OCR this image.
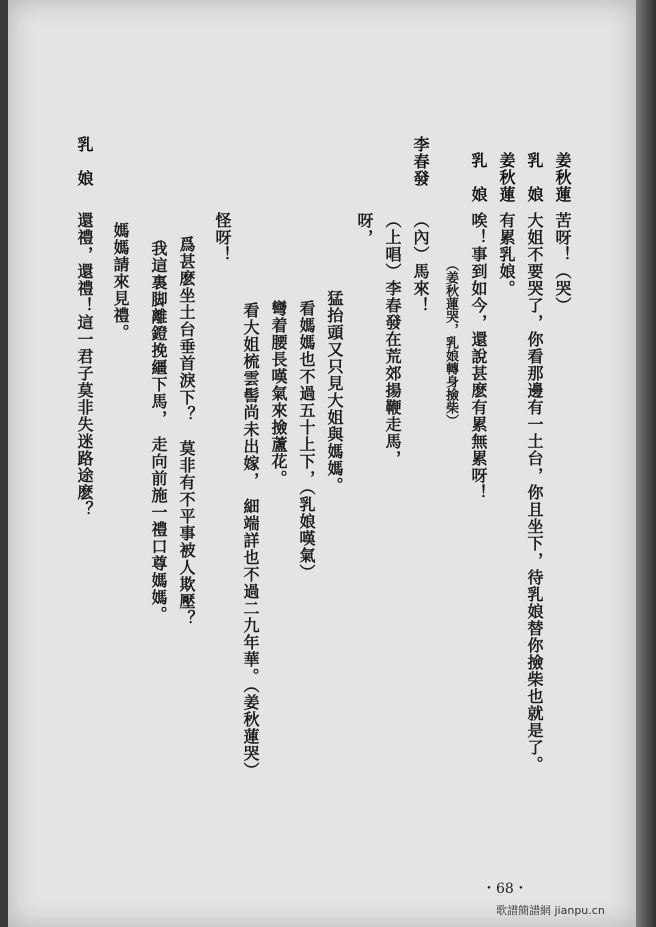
姜秋蓮
苦呀！（哭）
乳　娘
大姐不要哭了，你看那邊有一土台，你且坐下，待乳娘替你撿柴也就是了。
姜秋蓮
有累乳娘。
乳　娘
唉！事到如今，還說甚麽有累無累呀！
（姜秋蓮哭，乳娘轉身撿柴）
李春發
（內）馬來！
（上唱）李春發在荒郊揚鞭走馬，
呀，
猛抬頭又只見大姐與媽媽。
看媽媽也不過五十上下，（乳娘嘆氣）
彎着腰長嘆氣來撿蘆花。
看大姐梳雲髻尚未出嫁，　細端詳也不過二九年華。（姜秋蓮哭）
怪呀！
爲甚麽坐土台垂首淚下？　莫非有不平事被人欺壓？
我這裏脚離鐙挽繮下馬，　走向前施一禮口尊媽媽。
媽媽請來見禮。
乳　娘
還禮，還禮！這一君子莫非失迷路途麽？
・68・
歌譜簡譜網 jianpu.cn
